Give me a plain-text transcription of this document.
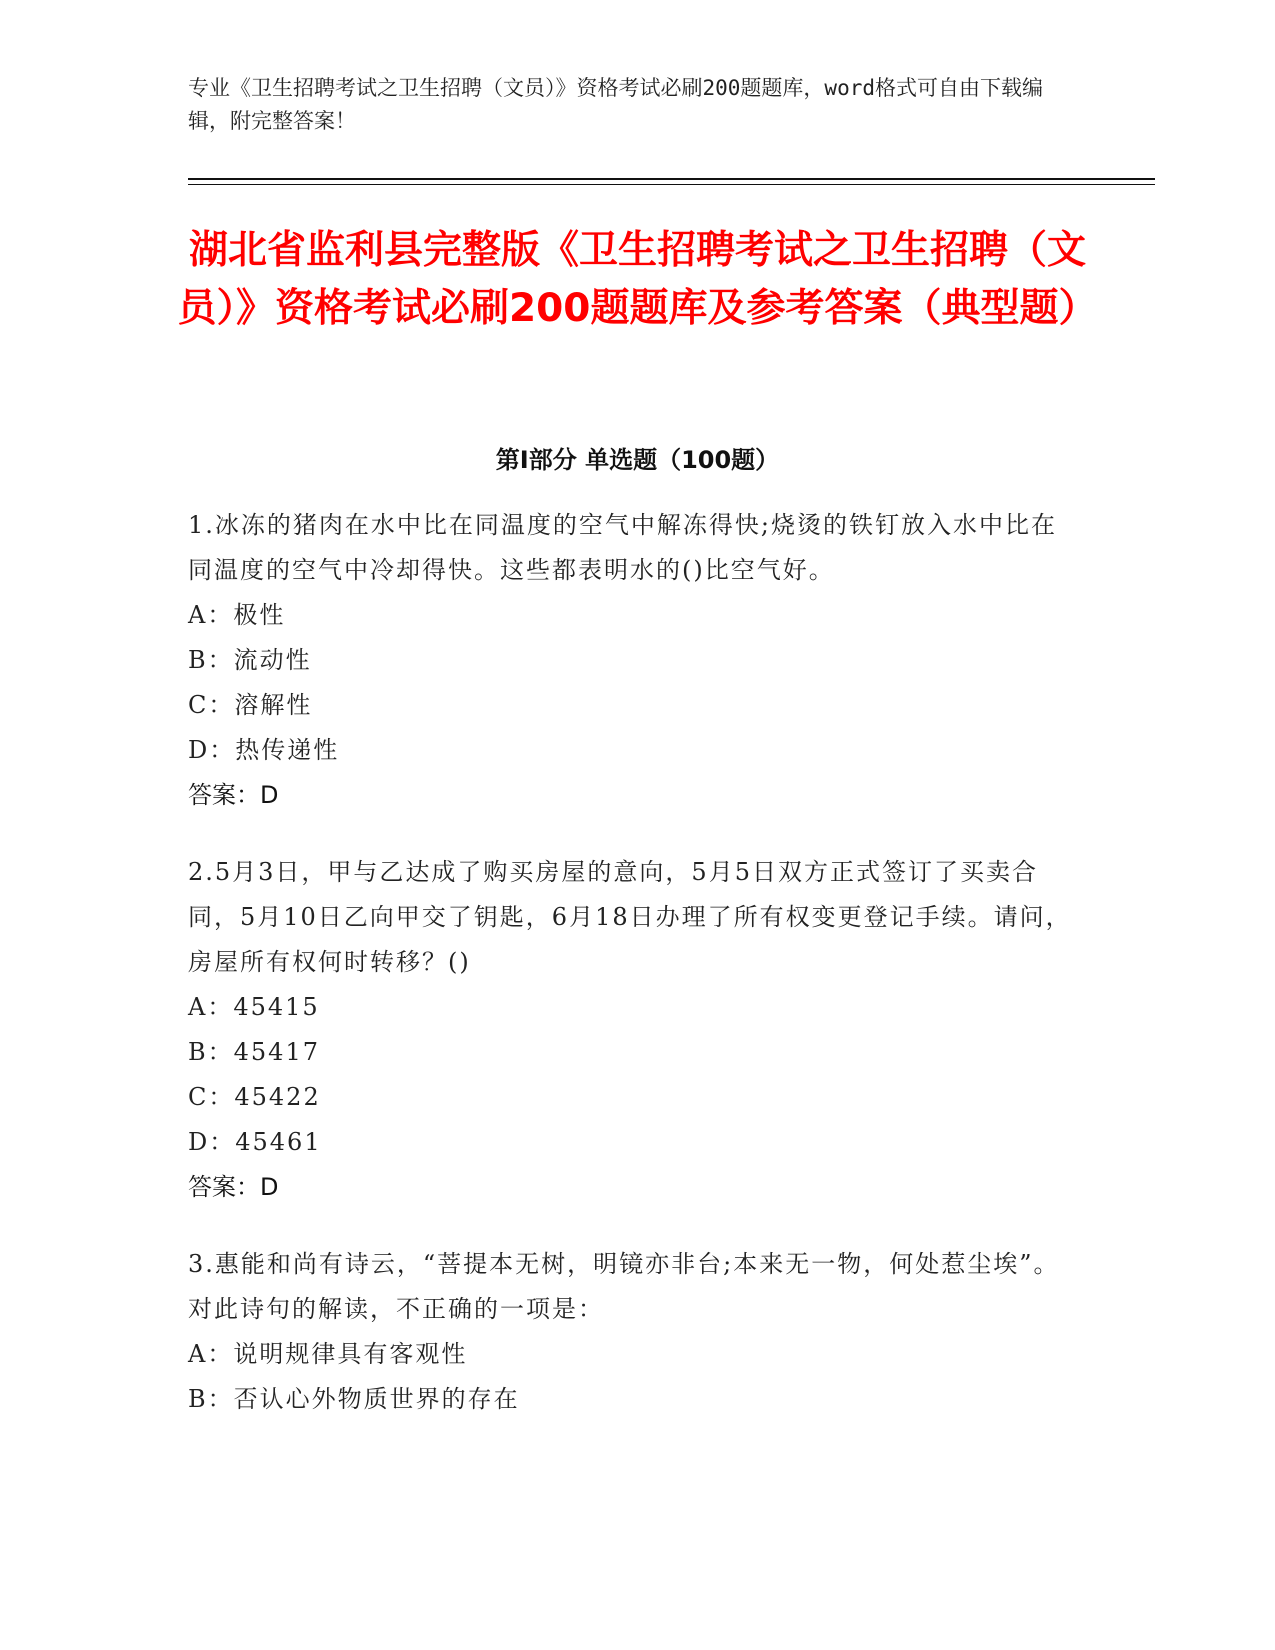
专业《卫生招聘考试之卫生招聘（文员）》资格考试必刷200题题库，word格式可自由下载编辑，附完整答案！
湖北省监利县完整版《卫生招聘考试之卫生招聘（文员）》资格考试必刷200题题库及参考答案（典型题）
第Ⅰ部分 单选题（100题）
1.冰冻的猪肉在水中比在同温度的空气中解冻得快;烧烫的铁钉放入水中比在同温度的空气中冷却得快。这些都表明水的()比空气好。
A：极性
B：流动性
C：溶解性
D：热传递性
答案：D
2.5月3日，甲与乙达成了购买房屋的意向，5月5日双方正式签订了买卖合同，5月10日乙向甲交了钥匙，6月18日办理了所有权变更登记手续。请问，房屋所有权何时转移？()
A：45415
B：45417
C：45422
D：45461
答案：D
3.惠能和尚有诗云，“菩提本无树，明镜亦非台;本来无一物，何处惹尘埃”。对此诗句的解读，不正确的一项是：
A：说明规律具有客观性
B：否认心外物质世界的存在
